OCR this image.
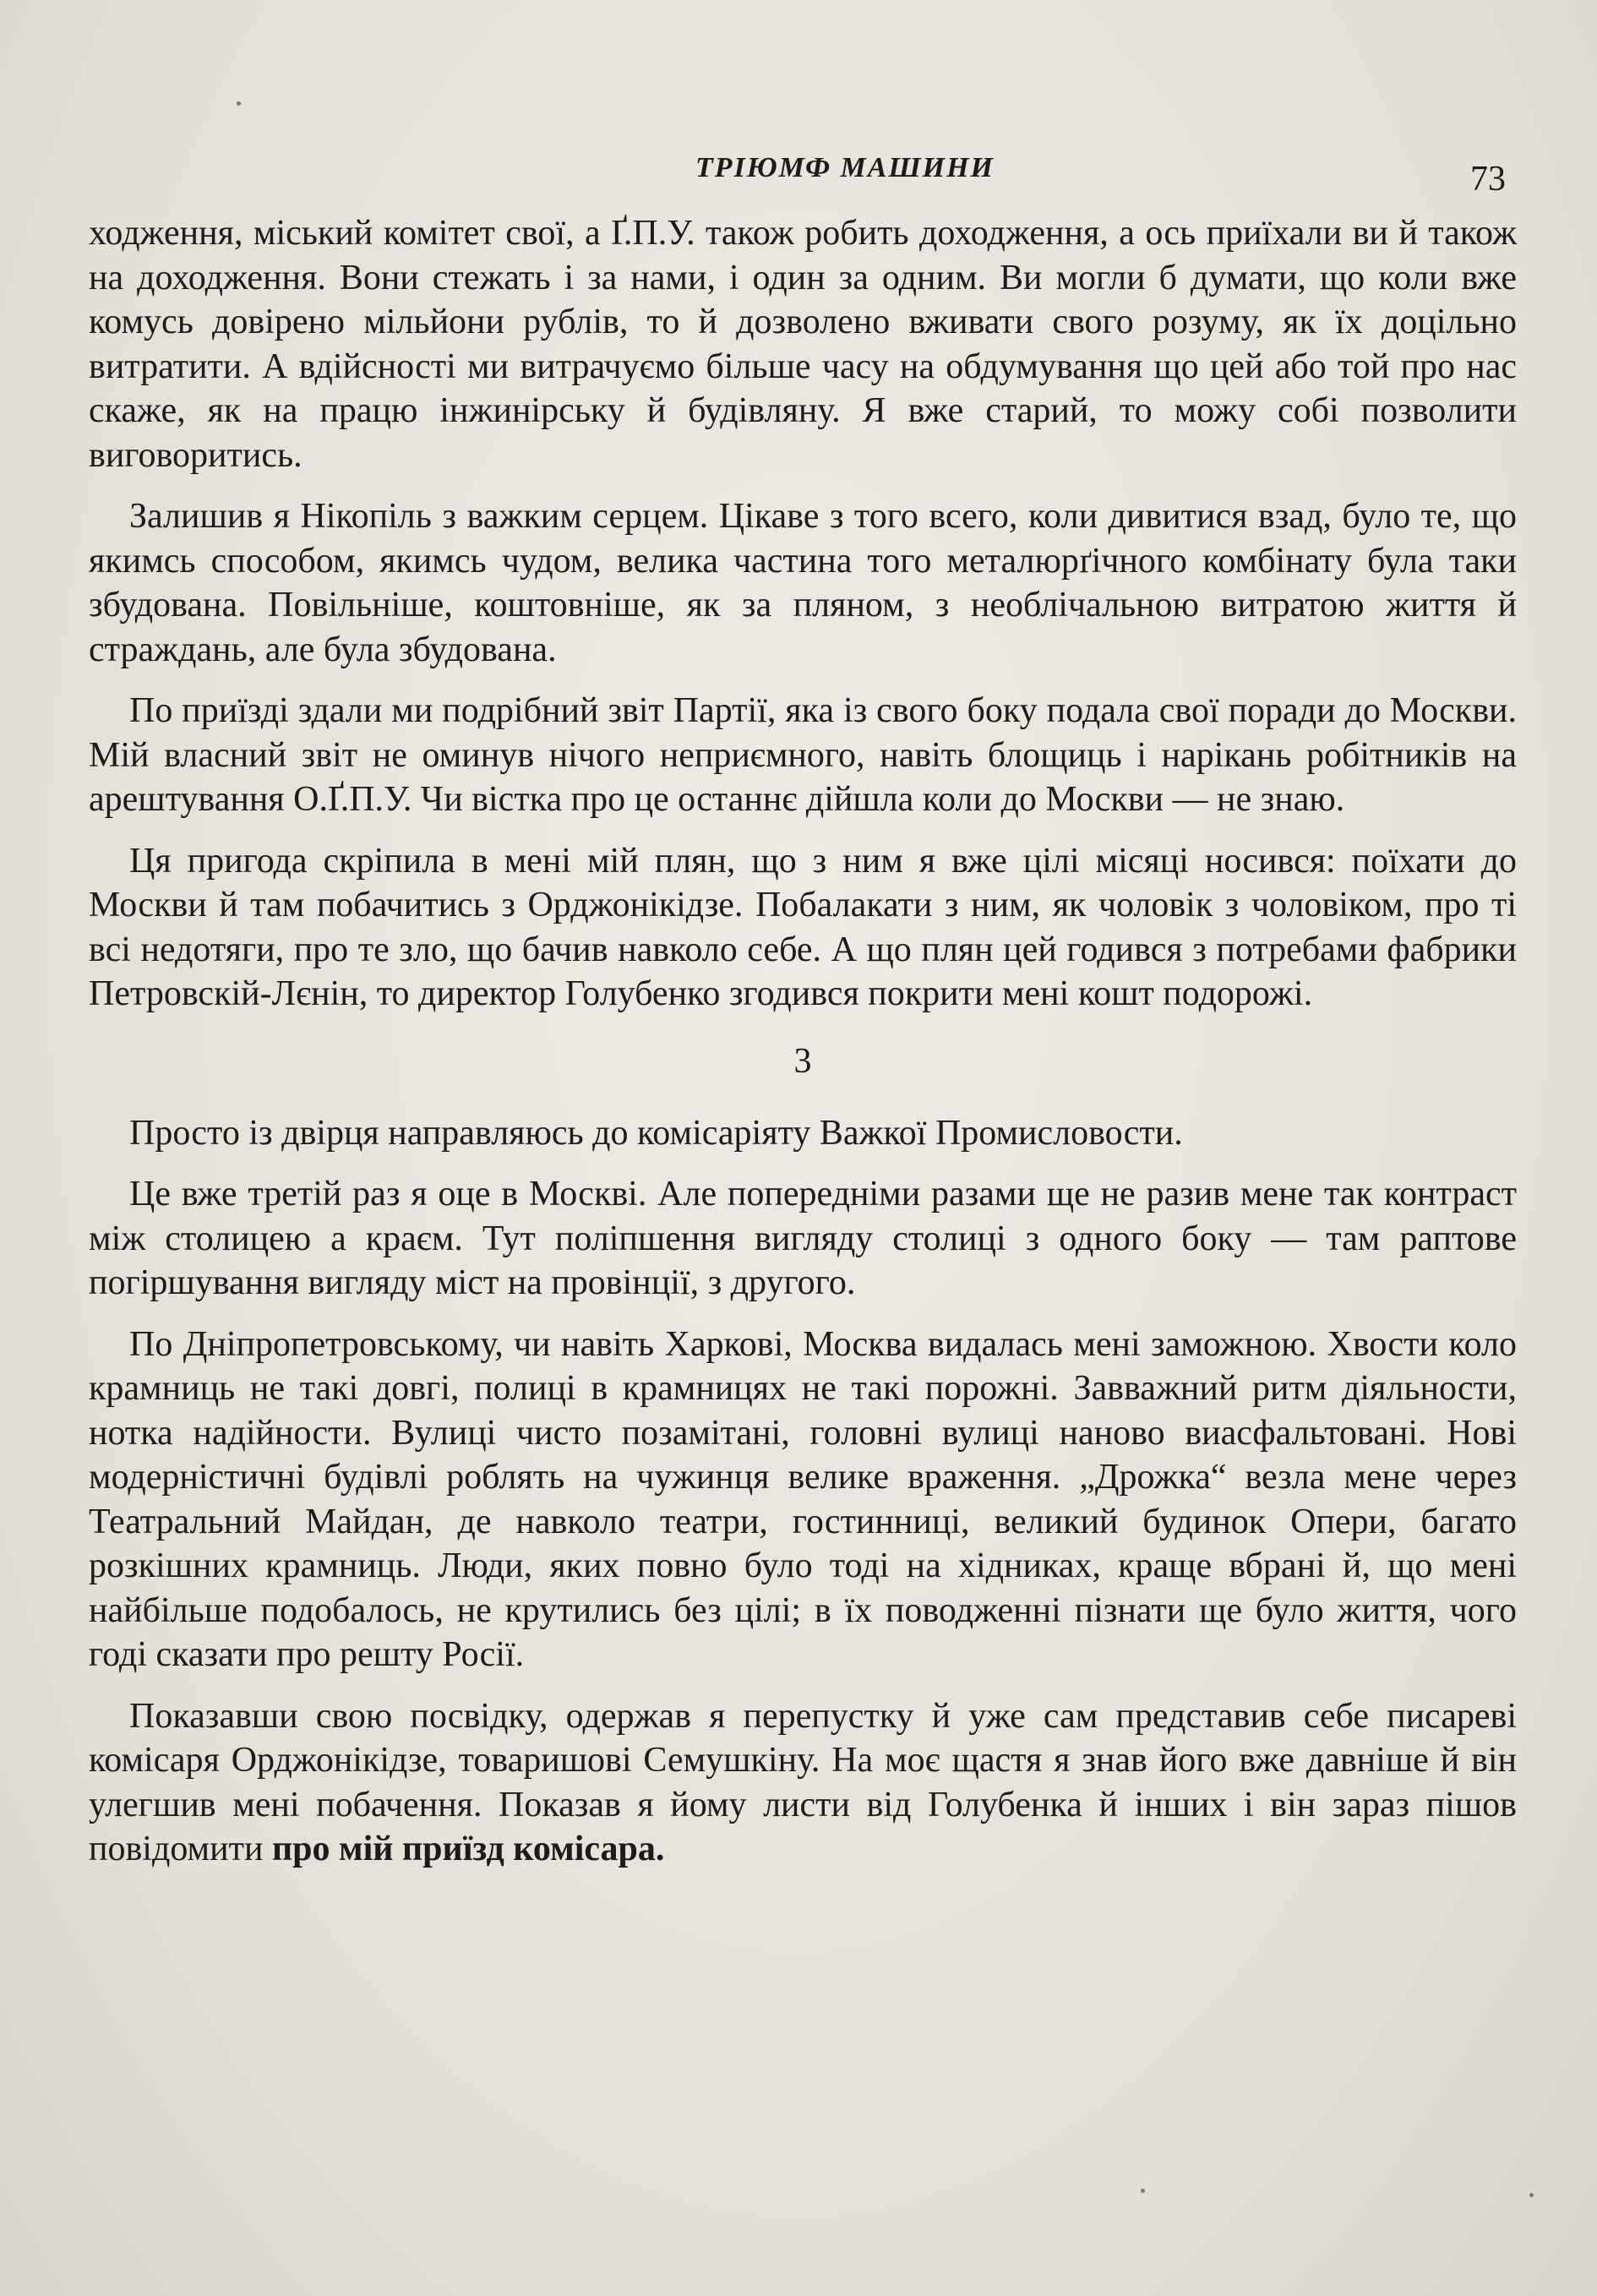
ТРІЮМФ МАШИНИ	73

ходження, міський комітет свої, а Ґ.П.У. також робить доходження, а ось приїхали ви й також на доходження. Вони стежать і за нами, і один за одним. Ви могли б думати, що коли вже комусь довірено мільйони рублів, то й дозволено вживати свого розуму, як їх доцільно витратити. А вдійсності ми витрачуємо більше часу на обдумування що цей або той про нас скаже, як на працю інжинірську й будівляну. Я вже старий, то можу собі позволити виговоритись.

Залишив я Нікопіль з важким серцем. Цікаве з того всего, коли дивитися взад, було те, що якимсь способом, якимсь чудом, велика частина того металюрґічного комбінату була таки збудована. Повільніше, коштовніше, як за пляном, з необлічальною витратою життя й страждань, але була збудована.

По приїзді здали ми подрібний звіт Партії, яка із свого боку подала свої поради до Москви. Мій власний звіт не оминув нічого неприємного, навіть блощиць і нарікань робітників на арештування О.Ґ.П.У. Чи вістка про це останнє дійшла коли до Москви — не знаю.

Ця пригода скріпила в мені мій плян, що з ним я вже цілі місяці носився: поїхати до Москви й там побачитись з Орджонікідзе. Побалакати з ним, як чоловік з чоловіком, про ті всі недотяги, про те зло, що бачив навколо себе. А що плян цей годився з потребами фабрики Петровскій-Лєнін, то директор Голубенко згодився покрити мені кошт подорожі.

3

Просто із двірця направляюсь до комісаріяту Важкої Промисловости.

Це вже третій раз я оце в Москві. Але попередніми разами ще не разив мене так контраст між столицею а краєм. Тут поліпшення вигляду столиці з одного боку — там раптове погіршування вигляду міст на провінції, з другого.

По Дніпропетровському, чи навіть Харкові, Москва видалась мені заможною. Хвости коло крамниць не такі довгі, полиці в крамницях не такі порожні. Завважний ритм діяльности, нотка надійности. Вулиці чисто позамітані, головні вулиці наново виасфальтовані. Нові модерністичні будівлі роблять на чужинця велике враження. „Дрожка“ везла мене через Театральний Майдан, де навколо театри, гостинниці, великий будинок Опери, багато розкішних крамниць. Люди, яких повно було тоді на хідниках, краще вбрані й, що мені найбільше подобалось, не крутились без цілі; в їх поводженні пізнати ще було життя, чого годі сказати про решту Росії.

Показавши свою посвідку, одержав я перепустку й уже сам представив себе писареві комісаря Орджонікідзе, товаришові Семушкіну. На моє щастя я знав його вже давніше й він улегшив мені побачення. Показав я йому листи від Голубенка й інших і він зараз пішов повідомити про мій приїзд комісара.
